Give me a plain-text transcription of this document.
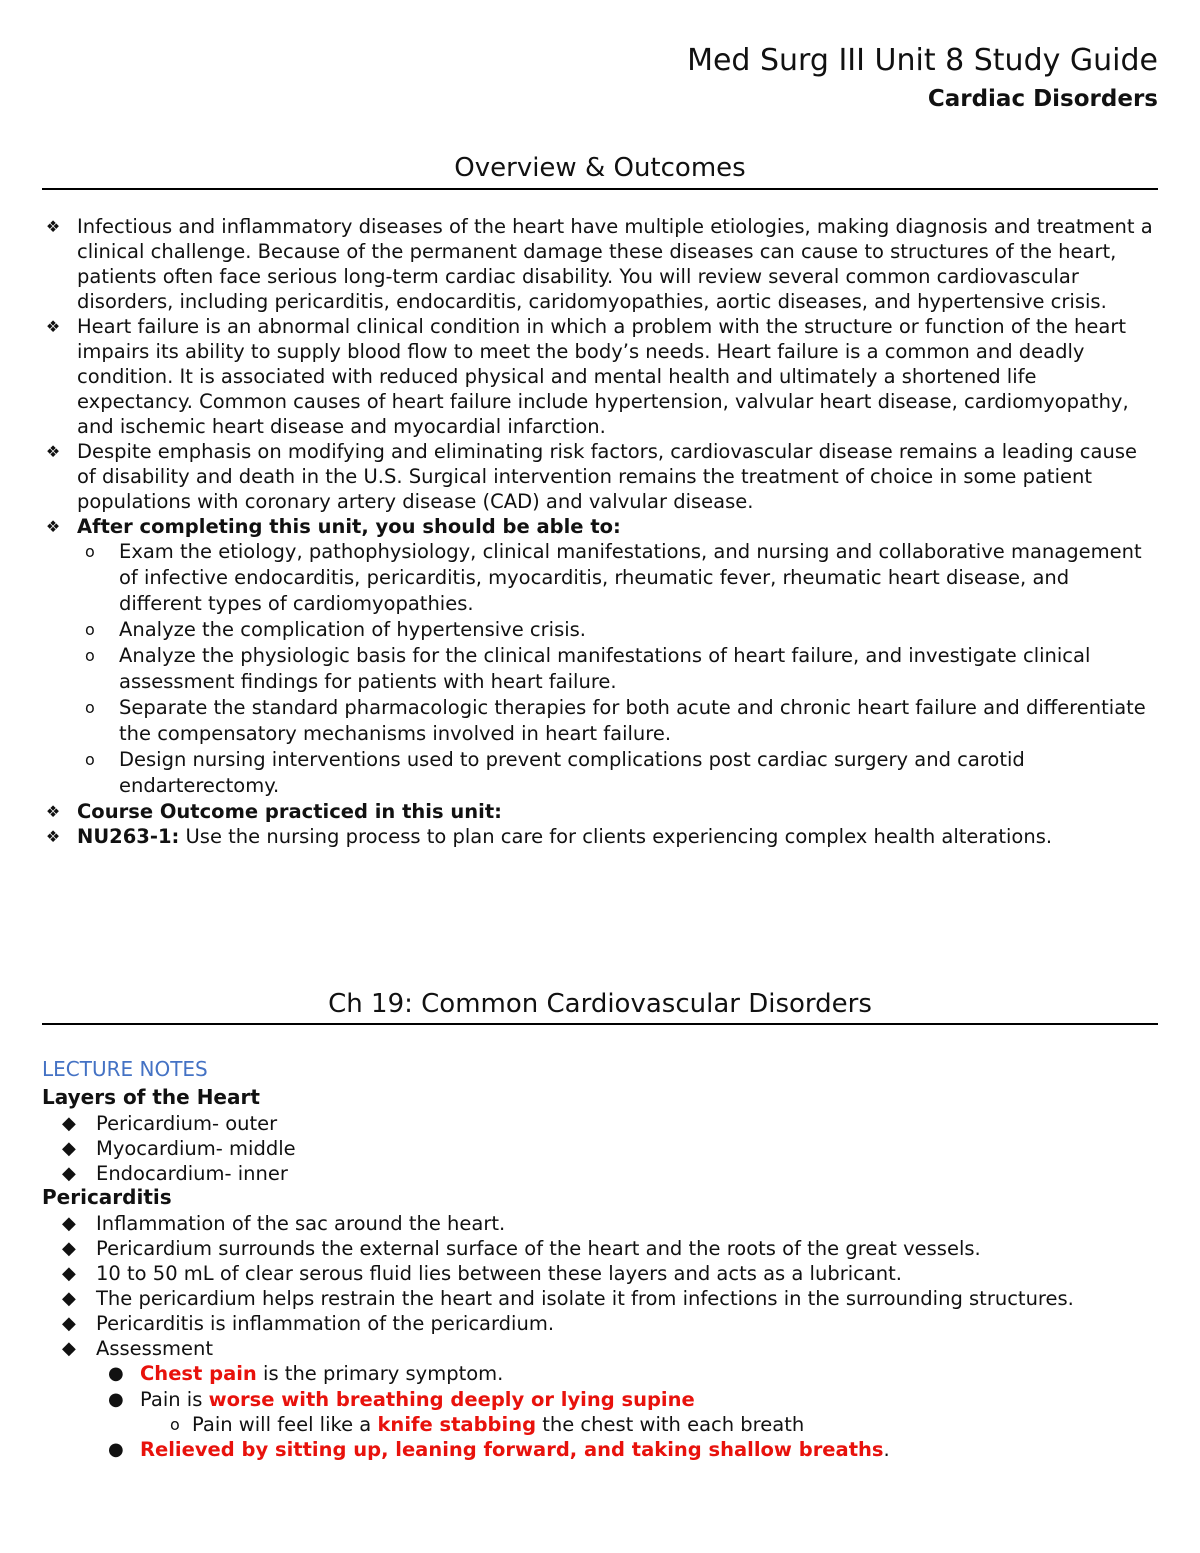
Med Surg III Unit 8 Study Guide
Cardiac Disorders
Overview & Outcomes
❖ Infectious and inflammatory diseases of the heart have multiple etiologies, making diagnosis and treatment a clinical challenge. Because of the permanent damage these diseases can cause to structures of the heart, patients often face serious long-term cardiac disability. You will review several common cardiovascular disorders, including pericarditis, endocarditis, caridomyopathies, aortic diseases, and hypertensive crisis.
❖ Heart failure is an abnormal clinical condition in which a problem with the structure or function of the heart impairs its ability to supply blood flow to meet the body’s needs. Heart failure is a common and deadly condition. It is associated with reduced physical and mental health and ultimately a shortened life expectancy. Common causes of heart failure include hypertension, valvular heart disease, cardiomyopathy, and ischemic heart disease and myocardial infarction.
❖ Despite emphasis on modifying and eliminating risk factors, cardiovascular disease remains a leading cause of disability and death in the U.S. Surgical intervention remains the treatment of choice in some patient populations with coronary artery disease (CAD) and valvular disease.
❖ After completing this unit, you should be able to:
o Exam the etiology, pathophysiology, clinical manifestations, and nursing and collaborative management of infective endocarditis, pericarditis, myocarditis, rheumatic fever, rheumatic heart disease, and different types of cardiomyopathies.
o Analyze the complication of hypertensive crisis.
o Analyze the physiologic basis for the clinical manifestations of heart failure, and investigate clinical assessment findings for patients with heart failure.
o Separate the standard pharmacologic therapies for both acute and chronic heart failure and differentiate the compensatory mechanisms involved in heart failure.
o Design nursing interventions used to prevent complications post cardiac surgery and carotid endarterectomy.
❖ Course Outcome practiced in this unit:
❖ NU263-1: Use the nursing process to plan care for clients experiencing complex health alterations.
Ch 19: Common Cardiovascular Disorders
LECTURE NOTES
Layers of the Heart
◆ Pericardium- outer
◆ Myocardium- middle
◆ Endocardium- inner
Pericarditis
◆ Inflammation of the sac around the heart.
◆ Pericardium surrounds the external surface of the heart and the roots of the great vessels.
◆ 10 to 50 mL of clear serous fluid lies between these layers and acts as a lubricant.
◆ The pericardium helps restrain the heart and isolate it from infections in the surrounding structures.
◆ Pericarditis is inflammation of the pericardium.
◆ Assessment
● Chest pain is the primary symptom.
● Pain is worse with breathing deeply or lying supine
o Pain will feel like a knife stabbing the chest with each breath
● Relieved by sitting up, leaning forward, and taking shallow breaths.
